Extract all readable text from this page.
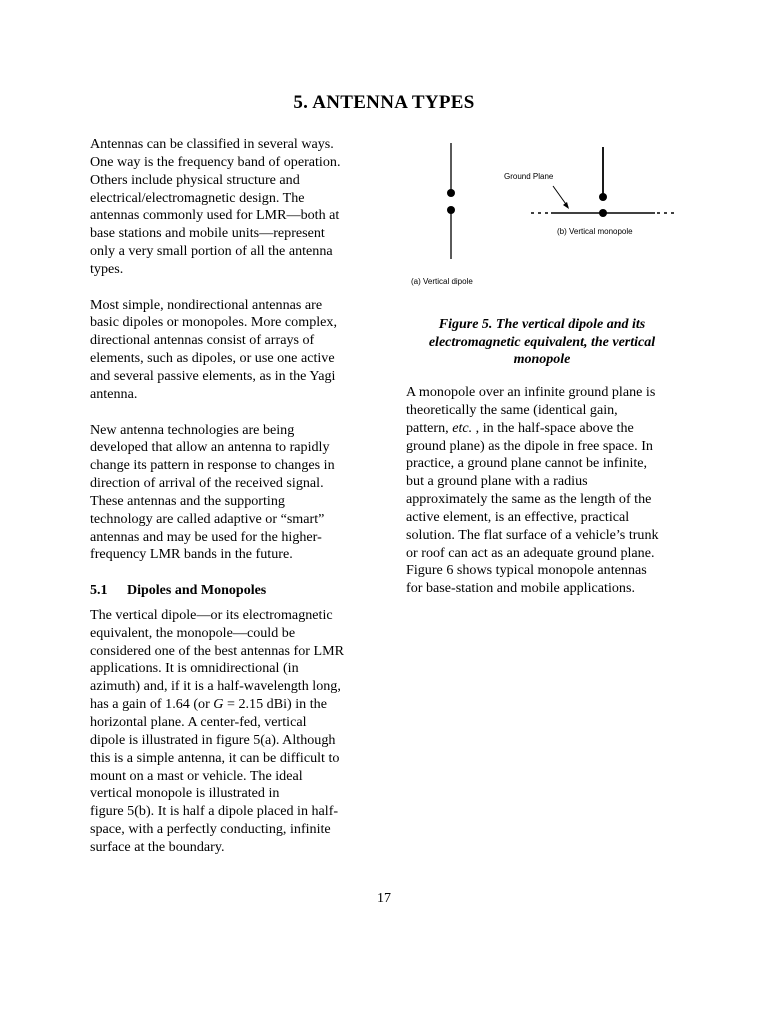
5. ANTENNA TYPES

Antennas can be classified in several ways.

One way is the frequency band of operation.

Others include physical structure and

electrical/electromagnetic design. The

antennas commonly used for LMR—both at

base stations and mobile units—represent

only a very small portion of all the antenna

types.

Most simple, nondirectional antennas are

basic dipoles or monopoles. More complex,

directional antennas consist of arrays of

elements, such as dipoles, or use one active

and several passive elements, as in the Yagi

antenna.

New antenna technologies are being

developed that allow an antenna to rapidly

change its pattern in response to changes in

direction of arrival of the received signal.

These antennas and the supporting

technology are called adaptive or “smart”

antennas and may be used for the higher-

frequency LMR bands in the future.

5.1 Dipoles and Monopoles

The vertical dipole—or its electromagnetic

equivalent, the monopole—could be

considered one of the best antennas for LMR

applications. It is omnidirectional (in

azimuth) and, if it is a half-wavelength long,

has a gain of 1.64 (or G = 2.15 dBi) in the

horizontal plane. A center-fed, vertical

dipole is illustrated in figure 5(a). Although

this is a simple antenna, it can be difficult to

mount on a mast or vehicle. The ideal

vertical monopole is illustrated in

figure 5(b). It is half a dipole placed in half-

space, with a perfectly conducting, infinite

surface at the boundary.

(a) Vertical dipole
Ground Plane
(b) Vertical monopole
Figure 5. The vertical dipole and its
electromagnetic equivalent, the vertical
monopole

A monopole over an infinite ground plane is

theoretically the same (identical gain,

pattern, etc. , in the half-space above the

ground plane) as the dipole in free space. In

practice, a ground plane cannot be infinite,

but a ground plane with a radius

approximately the same as the length of the

active element, is an effective, practical

solution. The flat surface of a vehicle’s trunk

or roof can act as an adequate ground plane.

Figure 6 shows typical monopole antennas

for base-station and mobile applications.

17
